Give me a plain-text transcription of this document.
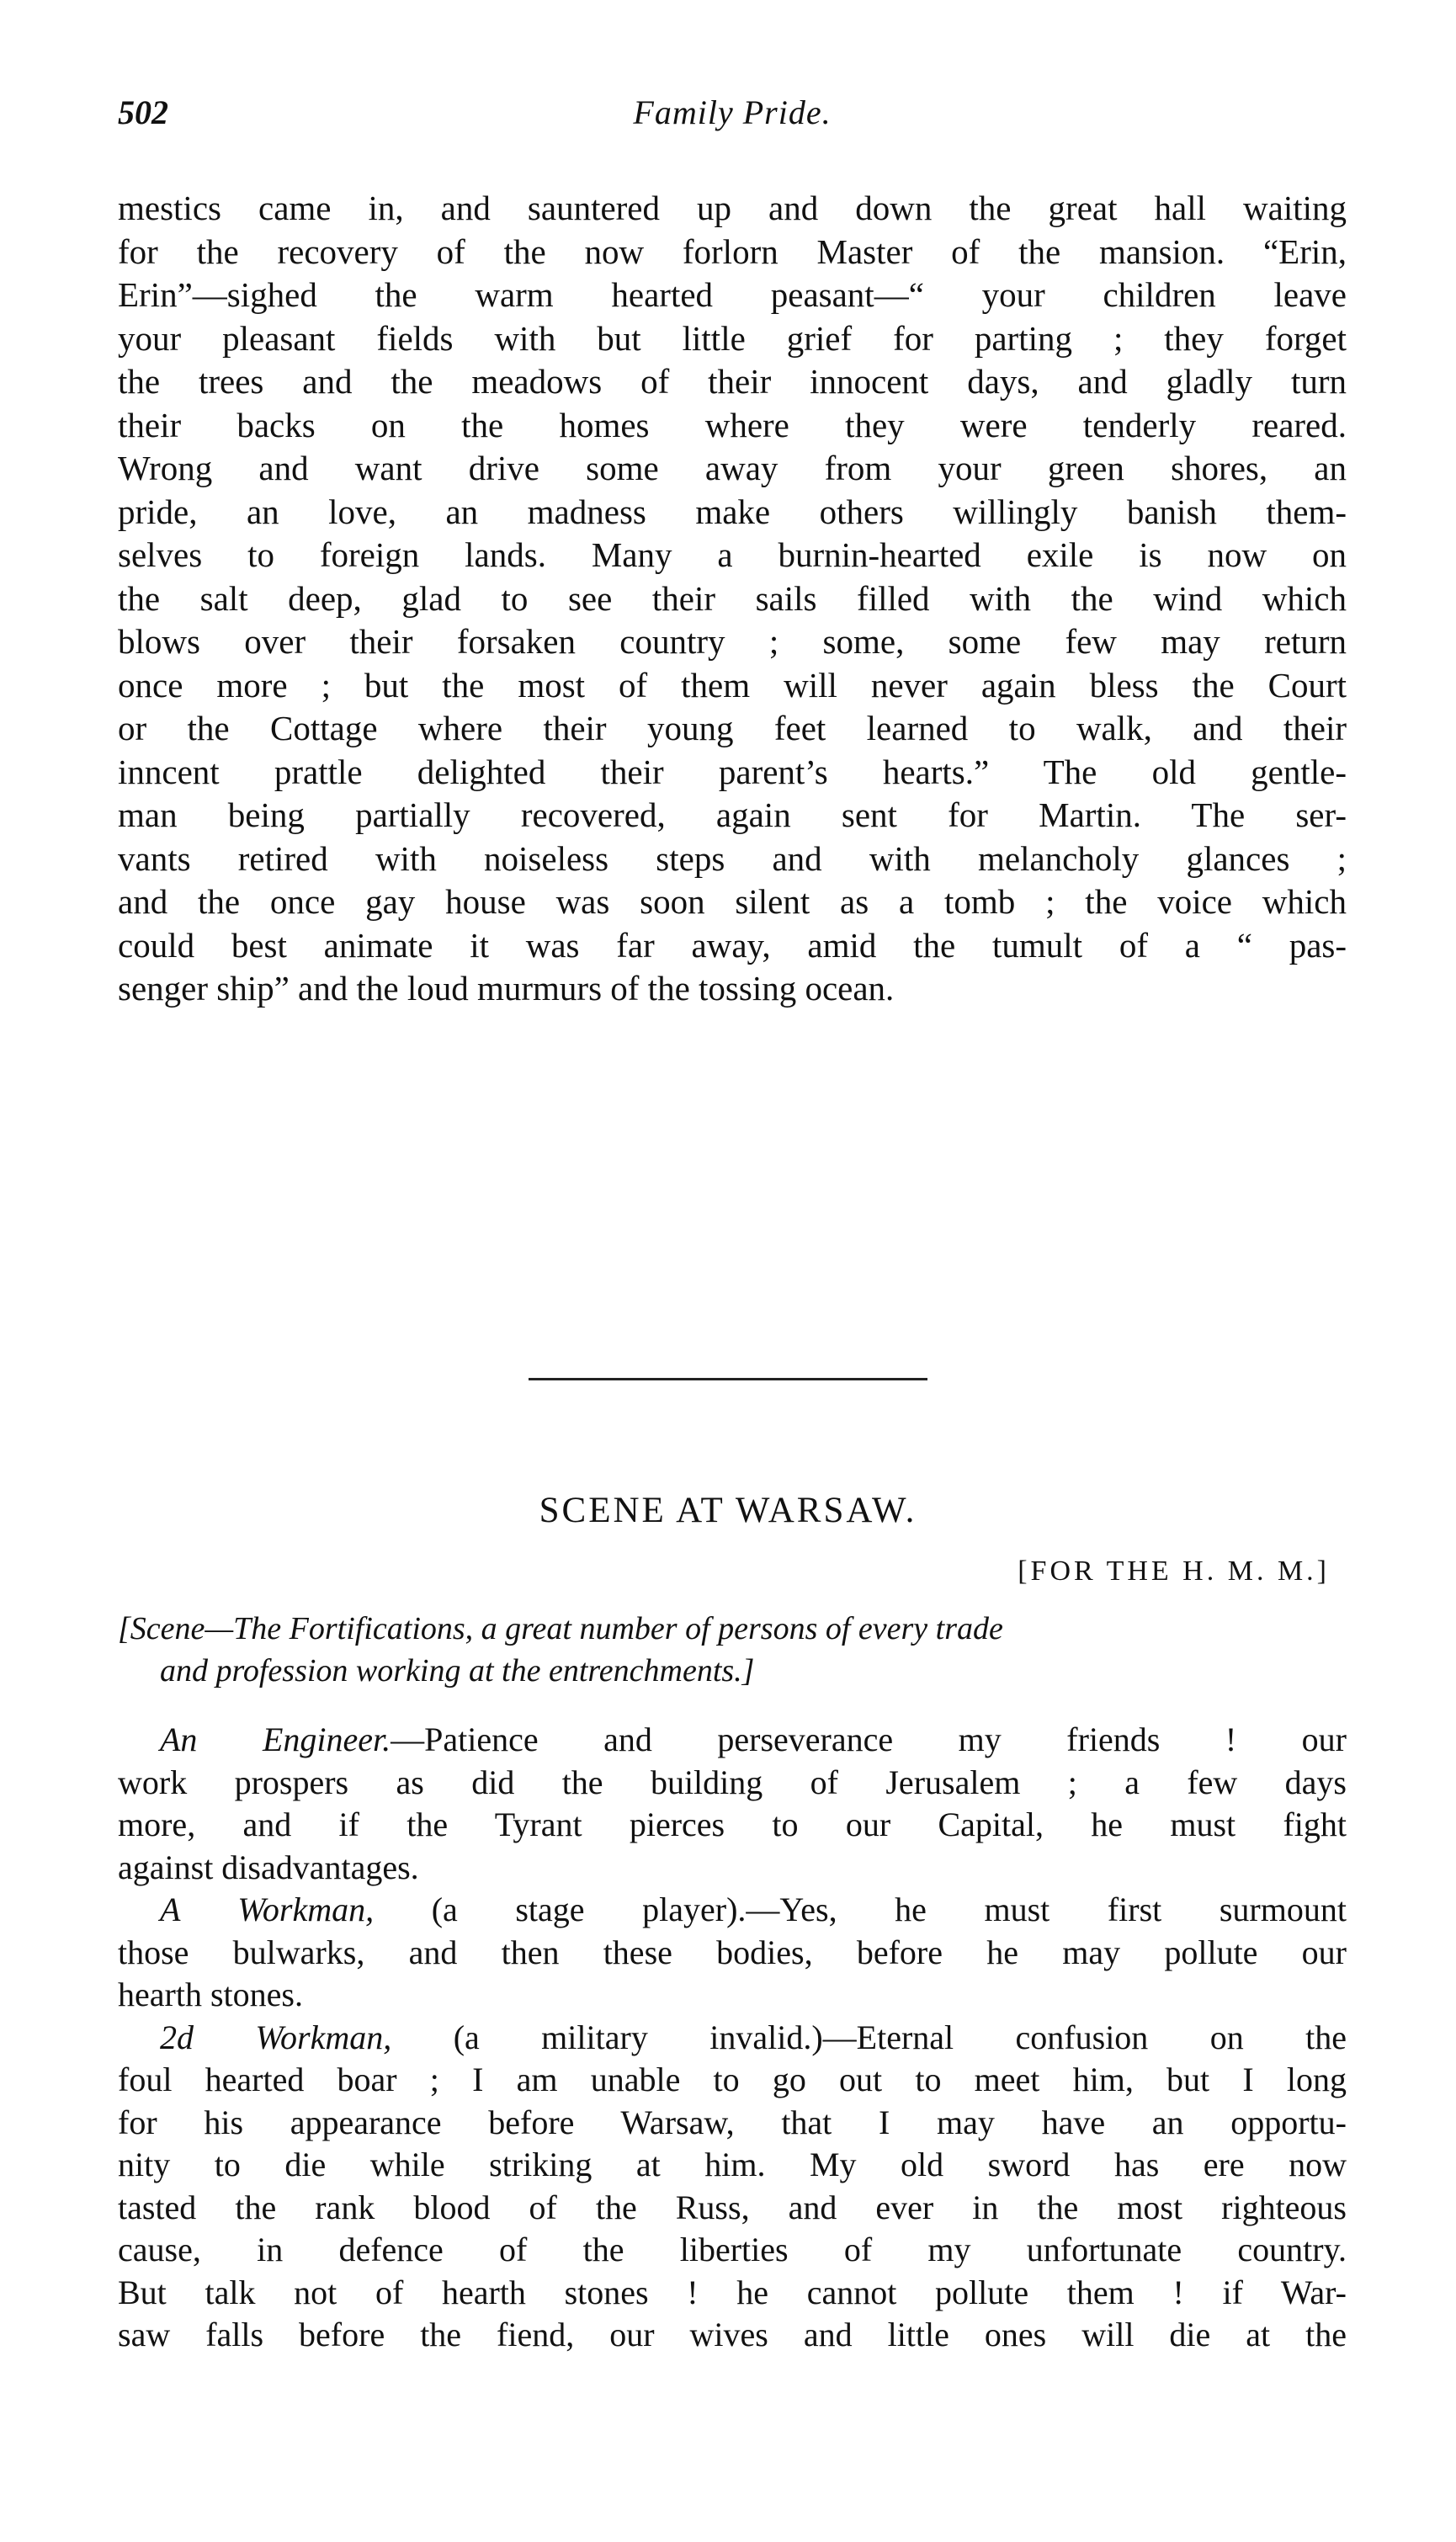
502	Family Pride.
mestics came in, and sauntered up and down the great hall waiting
for the recovery of the now forlorn Master of the mansion. “Erin,
Erin”—sighed the warm hearted peasant—“ your children leave
your pleasant fields with but little grief for parting ; they forget
the trees and the meadows of their innocent days, and gladly turn
their backs on the homes where they were tenderly reared.
Wrong and want drive some away from your green shores, an
pride, an love, an madness make others willingly banish them-
selves to foreign lands. Many a burnin-hearted exile is now on
the salt deep, glad to see their sails filled with the wind which
blows over their forsaken country ; some, some few may return
once more ; but the most of them will never again bless the Court
or the Cottage where their young feet learned to walk, and their
inncent prattle delighted their parent’s hearts.” The old gentle-
man being partially recovered, again sent for Martin. The ser-
vants retired with noiseless steps and with melancholy glances ;
and the once gay house was soon silent as a tomb ; the voice which
could best animate it was far away, amid the tumult of a “ pas-
senger ship” and the loud murmurs of the tossing ocean.
SCENE AT WARSAW.
[FOR THE H. M. M.]
[Scene—The Fortifications, a great number of persons of every trade
and profession working at the entrenchments.]
An Engineer.—Patience and perseverance my friends ! our
work prospers as did the building of Jerusalem ; a few days
more, and if the Tyrant pierces to our Capital, he must fight
against disadvantages.
A Workman, (a stage player).—Yes, he must first surmount
those bulwarks, and then these bodies, before he may pollute our
hearth stones.
2d Workman, (a military invalid.)—Eternal confusion on the
foul hearted boar ; I am unable to go out to meet him, but I long
for his appearance before Warsaw, that I may have an opportu-
nity to die while striking at him. My old sword has ere now
tasted the rank blood of the Russ, and ever in the most righteous
cause, in defence of the liberties of my unfortunate country.
But talk not of hearth stones ! he cannot pollute them ! if War-
saw falls before the fiend, our wives and little ones will die at the
